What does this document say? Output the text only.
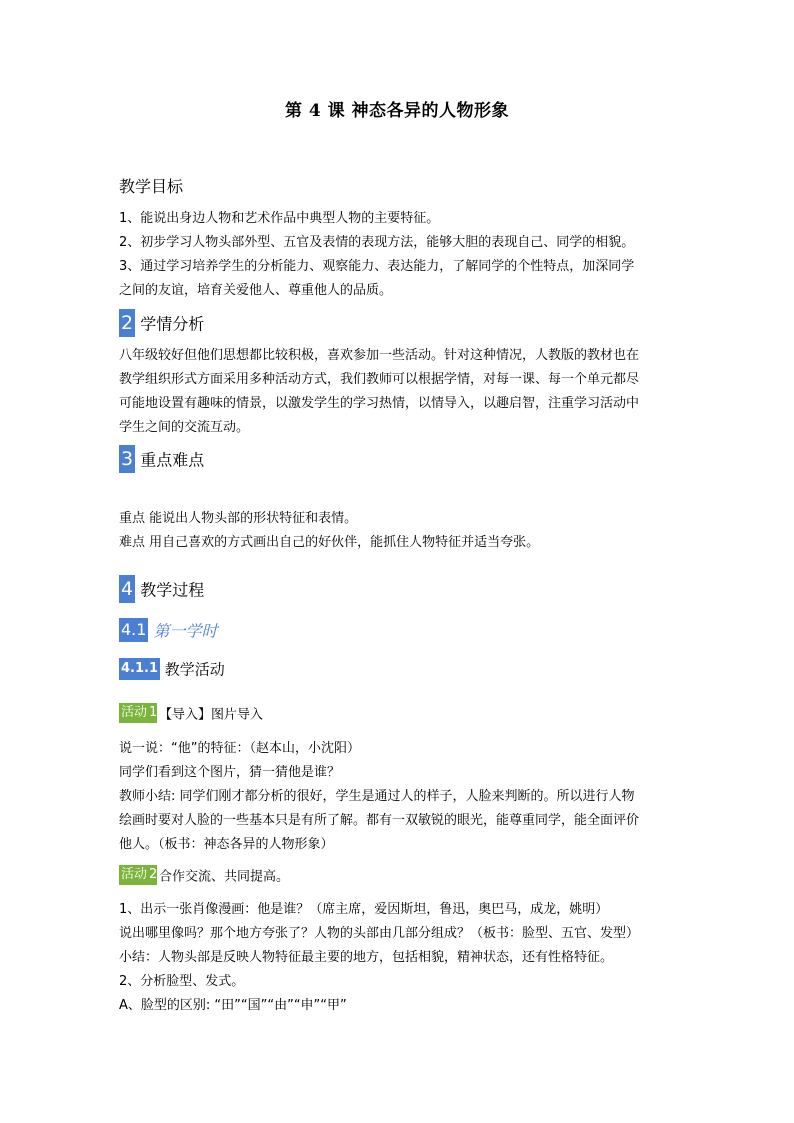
第 4 课 神态各异的人物形象
教学目标
1、能说出身边人物和艺术作品中典型人物的主要特征。
2、初步学习人物头部外型、五官及表情的表现方法，能够大胆的表现自己、同学的相貌。
3、通过学习培养学生的分析能力、观察能力、表达能力，了解同学的个性特点，加深同学
之间的友谊，培育关爱他人、尊重他人的品质。
2 学情分析
八年级较好但他们思想都比较积极，喜欢参加一些活动。针对这种情况，人教版的教材也在
教学组织形式方面采用多种活动方式，我们教师可以根据学情，对每一课、每一个单元都尽
可能地设置有趣味的情景，以激发学生的学习热情，以情导入，以趣启智，注重学习活动中
学生之间的交流互动。
3 重点难点
重点 能说出人物头部的形状特征和表情。
难点 用自己喜欢的方式画出自己的好伙伴，能抓住人物特征并适当夸张。
4 教学过程
4.1 第一学时
4.1.1 教学活动
活动 1 【导入】图片导入
说一说：“他”的特征：（赵本山，小沈阳）
同学们看到这个图片，猜一猜他是谁？
教师小结: 同学们刚才都分析的很好，学生是通过人的样子，人脸来判断的。所以进行人物
绘画时要对人脸的一些基本只是有所了解。都有一双敏锐的眼光，能尊重同学，能全面评价
他人。（板书：神态各异的人物形象）
活动 2 合作交流、共同提高。
1、出示一张肖像漫画：他是谁？（席主席，爱因斯坦，鲁迅，奥巴马，成龙，姚明）
说出哪里像吗？那个地方夸张了？人物的头部由几部分组成？（板书：脸型、五官、发型）
小结：人物头部是反映人物特征最主要的地方，包括相貌，精神状态，还有性格特征。
2、分析脸型、发式。
A、脸型的区别: “田”“国”“由”“申”“甲”
